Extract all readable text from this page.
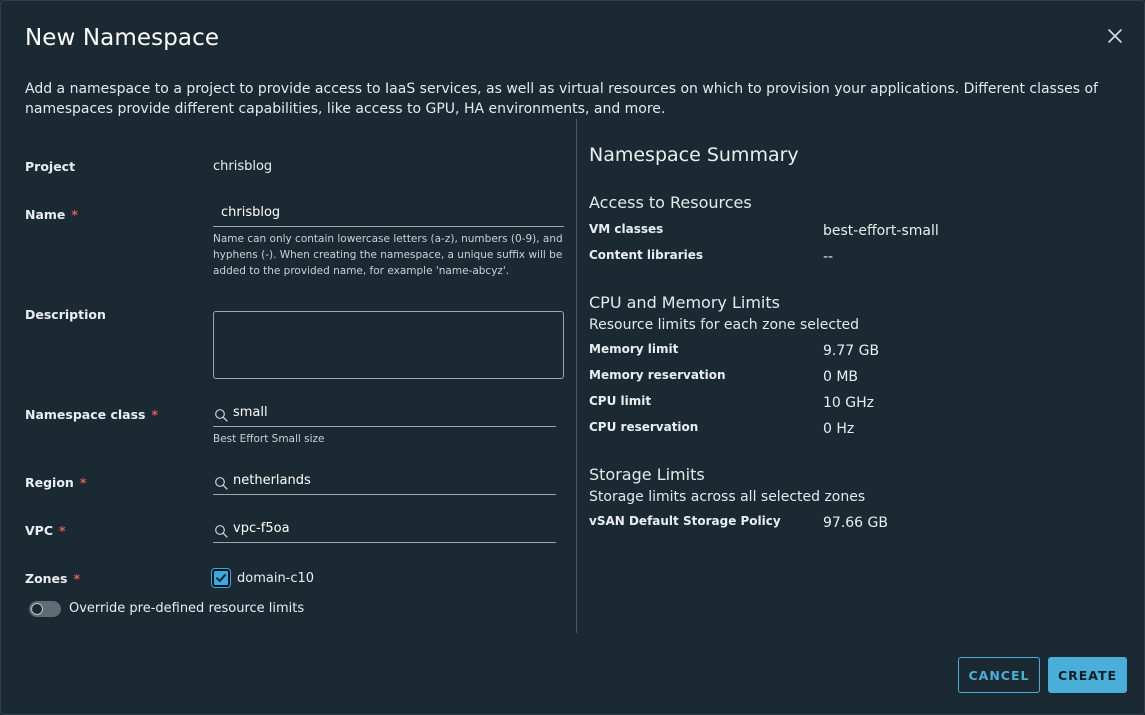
New Namespace

Add a namespace to a project to provide access to IaaS services, as well as virtual resources on which to provision your applications. Different classes of namespaces provide different capabilities, like access to GPU, HA environments, and more.

Project	chrisblog
Name *	chrisblog
Name can only contain lowercase letters (a-z), numbers (0-9), and hyphens (-). When creating the namespace, a unique suffix will be added to the provided name, for example 'name-abcyz'.
Description
Namespace class *	small
Best Effort Small size
Region *	netherlands
VPC *	vpc-f5oa
Zones *	domain-c10
Override pre-defined resource limits
Namespace Summary
Access to Resources
VM classes	best-effort-small
Content libraries	--
CPU and Memory Limits
Resource limits for each zone selected
Memory limit	9.77 GB
Memory reservation	0 MB
CPU limit	10 GHz
CPU reservation	0 Hz
Storage Limits
Storage limits across all selected zones
vSAN Default Storage Policy	97.66 GB
CANCEL	CREATE
